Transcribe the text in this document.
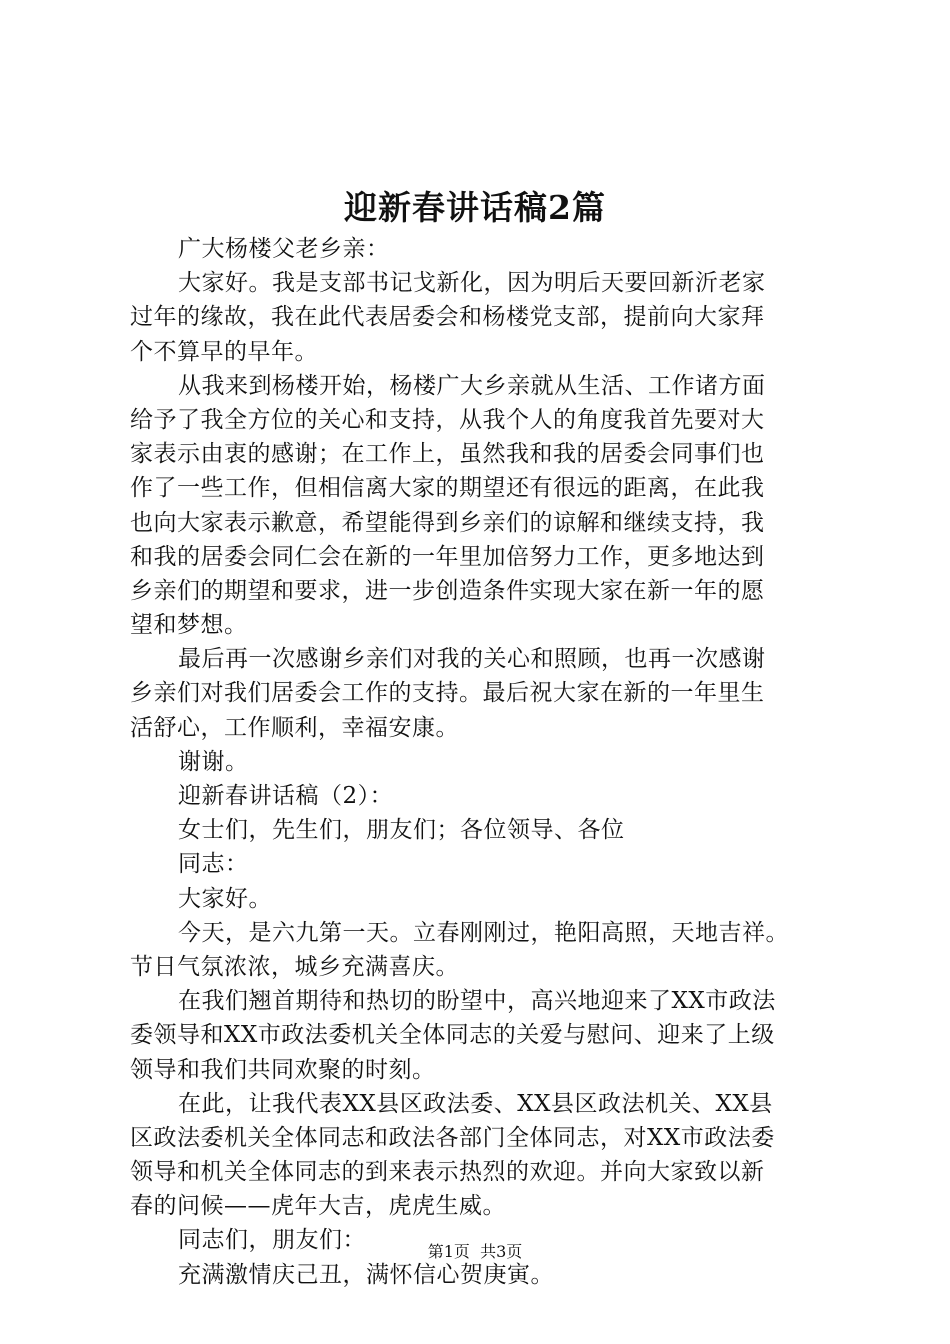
迎新春讲话稿2篇
广大杨楼父老乡亲：
大家好。我是支部书记戈新化，因为明后天要回新沂老家
过年的缘故，我在此代表居委会和杨楼党支部，提前向大家拜
个不算早的早年。
从我来到杨楼开始，杨楼广大乡亲就从生活、工作诸方面
给予了我全方位的关心和支持，从我个人的角度我首先要对大
家表示由衷的感谢；在工作上，虽然我和我的居委会同事们也
作了一些工作，但相信离大家的期望还有很远的距离，在此我
也向大家表示歉意，希望能得到乡亲们的谅解和继续支持，我
和我的居委会同仁会在新的一年里加倍努力工作，更多地达到
乡亲们的期望和要求，进一步创造条件实现大家在新一年的愿
望和梦想。
最后再一次感谢乡亲们对我的关心和照顾，也再一次感谢
乡亲们对我们居委会工作的支持。最后祝大家在新的一年里生
活舒心，工作顺利，幸福安康。
谢谢。
迎新春讲话稿（2）：
女士们，先生们，朋友们；各位领导、各位
同志：
大家好。
今天，是六九第一天。立春刚刚过，艳阳高照，天地吉祥。
节日气氛浓浓，城乡充满喜庆。
在我们翘首期待和热切的盼望中，高兴地迎来了XX市政法
委领导和XX市政法委机关全体同志的关爱与慰问、迎来了上级
领导和我们共同欢聚的时刻。
在此，让我代表XX县区政法委、XX县区政法机关、XX县
区政法委机关全体同志和政法各部门全体同志，对XX市政法委
领导和机关全体同志的到来表示热烈的欢迎。并向大家致以新
春的问候——虎年大吉，虎虎生威。
同志们，朋友们：
充满激情庆己丑，满怀信心贺庚寅。
第1页  共3页
